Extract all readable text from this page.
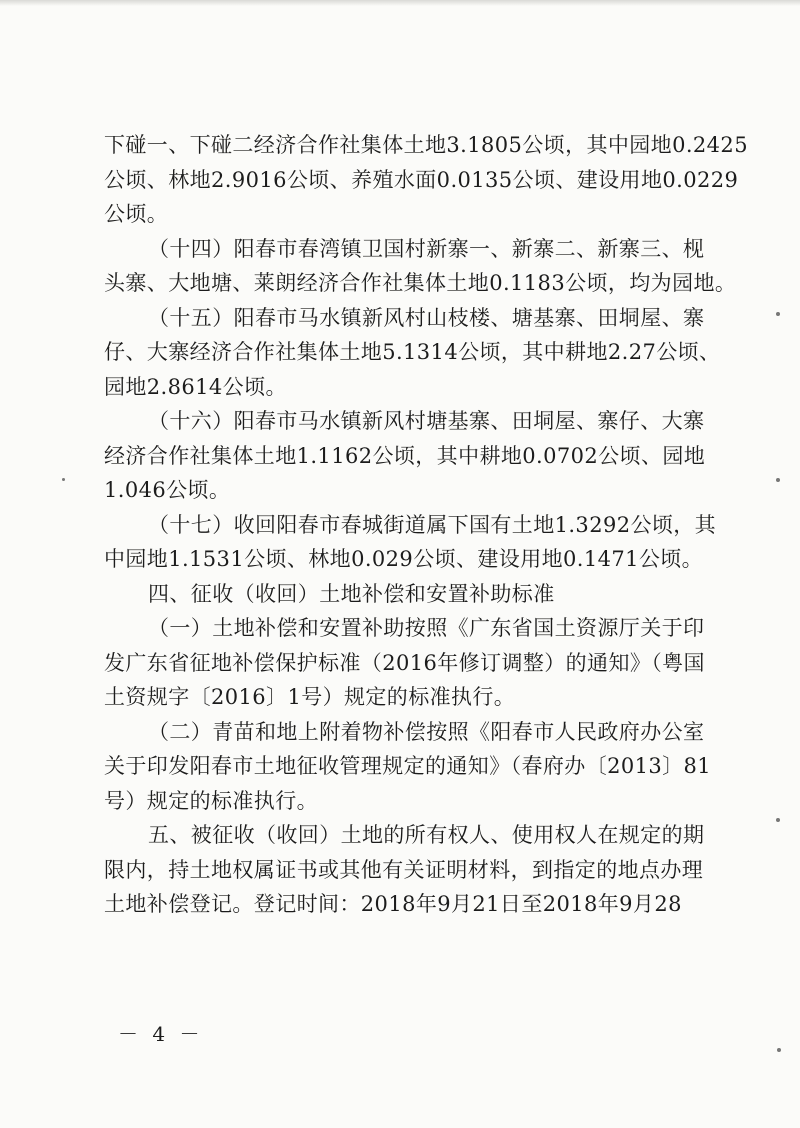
下碰一、下碰二经济合作社集体土地3.1805公顷，其中园地0.2425
公顷、林地2.9016公顷、养殖水面0.0135公顷、建设用地0.0229
公顷。
（十四）阳春市春湾镇卫国村新寨一、新寨二、新寨三、枧
头寨、大地塘、莱朗经济合作社集体土地0.1183公顷，均为园地。
（十五）阳春市马水镇新风村山枝楼、塘基寨、田垌屋、寨
仔、大寨经济合作社集体土地5.1314公顷，其中耕地2.27公顷、
园地2.8614公顷。
（十六）阳春市马水镇新风村塘基寨、田垌屋、寨仔、大寨
经济合作社集体土地1.1162公顷，其中耕地0.0702公顷、园地
1.046公顷。
（十七）收回阳春市春城街道属下国有土地1.3292公顷，其
中园地1.1531公顷、林地0.029公顷、建设用地0.1471公顷。
四、征收（收回）土地补偿和安置补助标准
（一）土地补偿和安置补助按照《广东省国土资源厅关于印
发广东省征地补偿保护标准（2016年修订调整）的通知》（粤国
土资规字〔2016〕1号）规定的标准执行。
（二）青苗和地上附着物补偿按照《阳春市人民政府办公室
关于印发阳春市土地征收管理规定的通知》（春府办〔2013〕81
号）规定的标准执行。
五、被征收（收回）土地的所有权人、使用权人在规定的期
限内，持土地权属证书或其他有关证明材料，到指定的地点办理
土地补偿登记。登记时间：2018年9月21日至2018年9月28
－ 4 －
